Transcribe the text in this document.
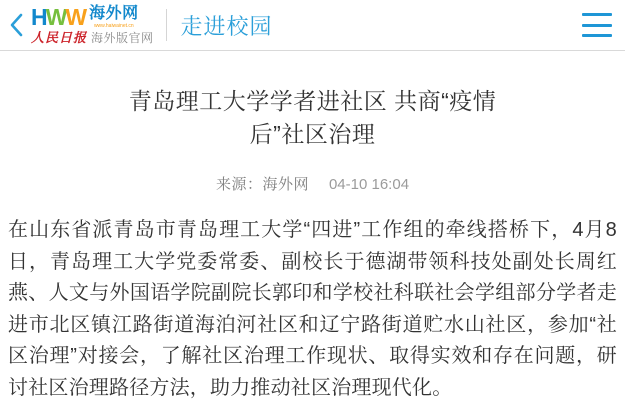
HWW 海外网
www.haiwainet.cn
人民日报 海外版官网 走进校园
青岛理工大学学者进社区 共商“疫情后”社区治理
来源：海外网 04-10 16:04

在山东省派青岛市青岛理工大学“四进”工作组的牵线搭桥下，4月8日，青岛理工大学党委常委、副校长于德湖带领科技处副处长周红燕、人文与外国语学院副院长郭印和学校社科联社会学组部分学者走进市北区镇江路街道海泊河社区和辽宁路街道贮水山社区，参加“社区治理”对接会，了解社区治理工作现状、取得实效和存在问题，研讨社区治理路径方法，助力推动社区治理现代化。
